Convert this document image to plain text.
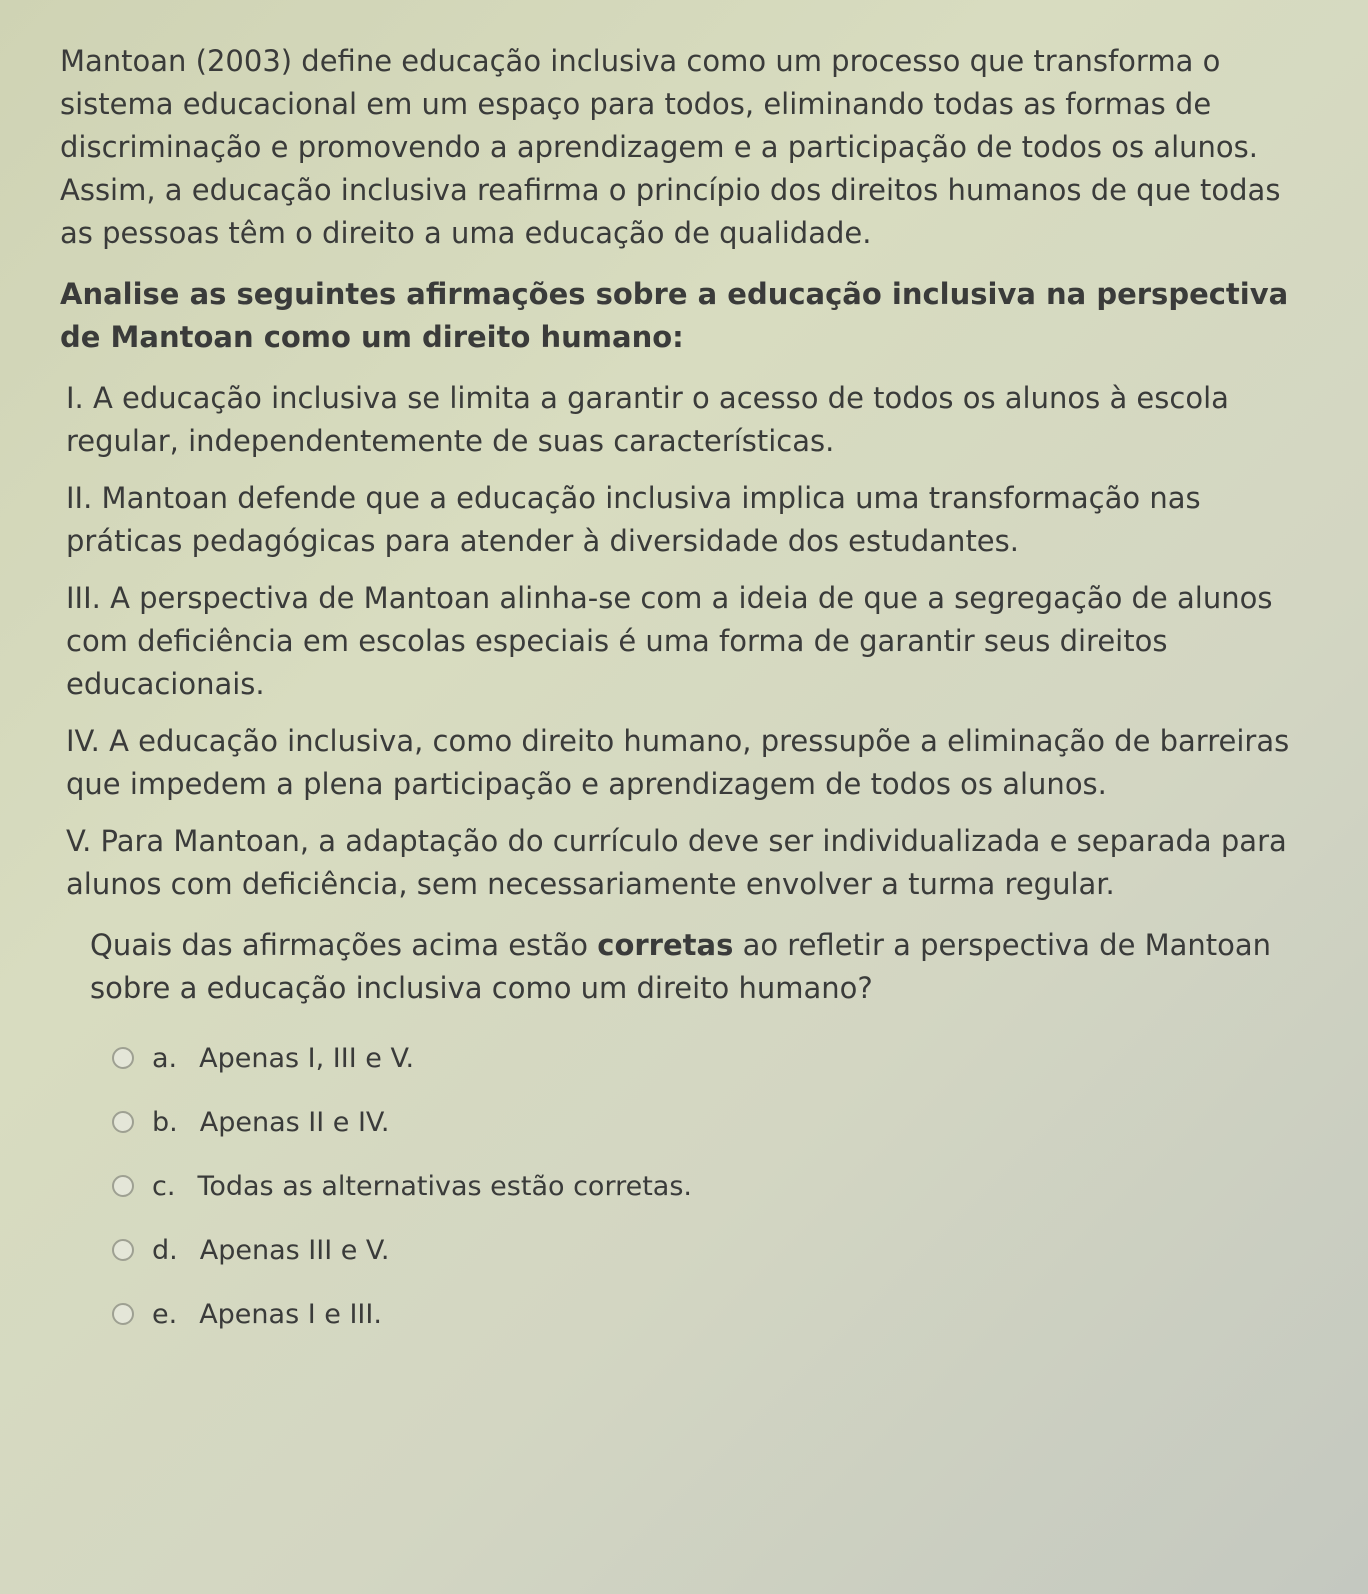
Mantoan (2003) define educação inclusiva como um processo que transforma o sistema educacional em um espaço para todos, eliminando todas as formas de discriminação e promovendo a aprendizagem e a participação de todos os alunos. Assim, a educação inclusiva reafirma o princípio dos direitos humanos de que todas as pessoas têm o direito a uma educação de qualidade.

Analise as seguintes afirmações sobre a educação inclusiva na perspectiva de Mantoan como um direito humano:

I. A educação inclusiva se limita a garantir o acesso de todos os alunos à escola regular, independentemente de suas características.

II. Mantoan defende que a educação inclusiva implica uma transformação nas práticas pedagógicas para atender à diversidade dos estudantes.

III. A perspectiva de Mantoan alinha-se com a ideia de que a segregação de alunos com deficiência em escolas especiais é uma forma de garantir seus direitos educacionais.

IV. A educação inclusiva, como direito humano, pressupõe a eliminação de barreiras que impedem a plena participação e aprendizagem de todos os alunos.

V. Para Mantoan, a adaptação do currículo deve ser individualizada e separada para alunos com deficiência, sem necessariamente envolver a turma regular.

Quais das afirmações acima estão corretas ao refletir a perspectiva de Mantoan sobre a educação inclusiva como um direito humano?

a. Apenas I, III e V.
b. Apenas II e IV.
c. Todas as alternativas estão corretas.
d. Apenas III e V.
e. Apenas I e III.
